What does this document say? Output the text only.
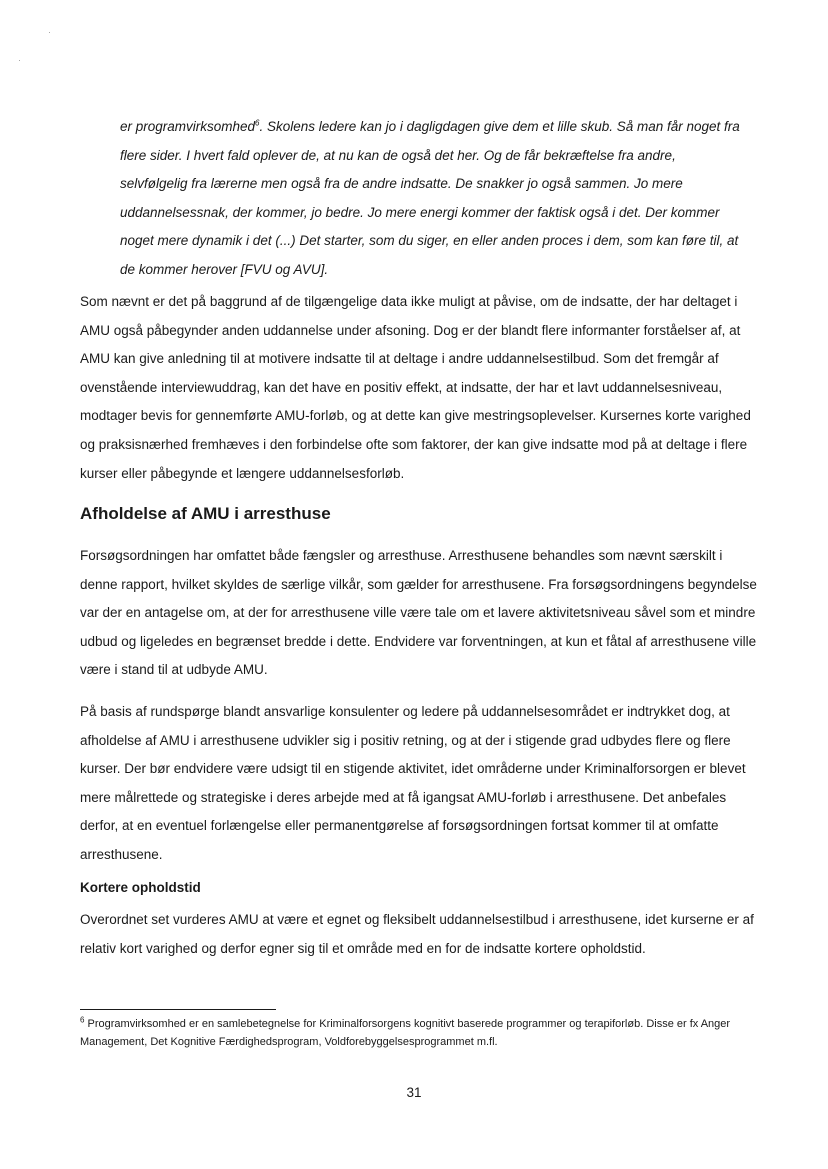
·
·
er programvirksomhed$^6$. Skolens ledere kan jo i dagligdagen give dem et lille skub. Så man får noget fra flere sider. I hvert fald oplever de, at nu kan de også det her. Og de får bekræftelse fra andre, selvfølgelig fra lærerne men også fra de andre indsatte. De snakker jo også sammen. Jo mere uddannelsessnak, der kommer, jo bedre. Jo mere energi kommer der faktisk også i det. Der kommer noget mere dynamik i det (...) Det starter, som du siger, en eller anden proces i dem, som kan føre til, at de kommer herover [FVU og AVU].

Som nævnt er det på baggrund af de tilgængelige data ikke muligt at påvise, om de indsatte, der har deltaget i AMU også påbegynder anden uddannelse under afsoning. Dog er der blandt flere informanter forståelser af, at AMU kan give anledning til at motivere indsatte til at deltage i andre uddannelsestilbud. Som det fremgår af ovenstående interviewuddrag, kan det have en positiv effekt, at indsatte, der har et lavt uddannelsesniveau, modtager bevis for gennemførte AMU-forløb, og at dette kan give mestringsoplevelser. Kursernes korte varighed og praksisnærhed fremhæves i den forbindelse ofte som faktorer, der kan give indsatte mod på at deltage i flere kurser eller påbegynde et længere uddannelsesforløb.

Afholdelse af AMU i arresthuse

Forsøgsordningen har omfattet både fængsler og arresthuse. Arresthusene behandles som nævnt særskilt i denne rapport, hvilket skyldes de særlige vilkår, som gælder for arresthusene. Fra forsøgsordningens begyndelse var der en antagelse om, at der for arresthusene ville være tale om et lavere aktivitetsniveau såvel som et mindre udbud og ligeledes en begrænset bredde i dette. Endvidere var forventningen, at kun et fåtal af arresthusene ville være i stand til at udbyde AMU.

På basis af rundspørge blandt ansvarlige konsulenter og ledere på uddannelsesområdet er indtrykket dog, at afholdelse af AMU i arresthusene udvikler sig i positiv retning, og at der i stigende grad udbydes flere og flere kurser. Der bør endvidere være udsigt til en stigende aktivitet, idet områderne under Kriminalforsorgen er blevet mere målrettede og strategiske i deres arbejde med at få igangsat AMU-forløb i arresthusene. Det anbefales derfor, at en eventuel forlængelse eller permanentgørelse af forsøgsordningen fortsat kommer til at omfatte arresthusene.

Kortere opholdstid

Overordnet set vurderes AMU at være et egnet og fleksibelt uddannelsestilbud i arresthusene, idet kurserne er af relativ kort varighed og derfor egner sig til et område med en for de indsatte kortere opholdstid.

$^6$ Programvirksomhed er en samlebetegnelse for Kriminalforsorgens kognitivt baserede programmer og terapiforløb. Disse er fx Anger Management, Det Kognitive Færdighedsprogram, Voldforebyggelsesprogrammet m.fl.
31
